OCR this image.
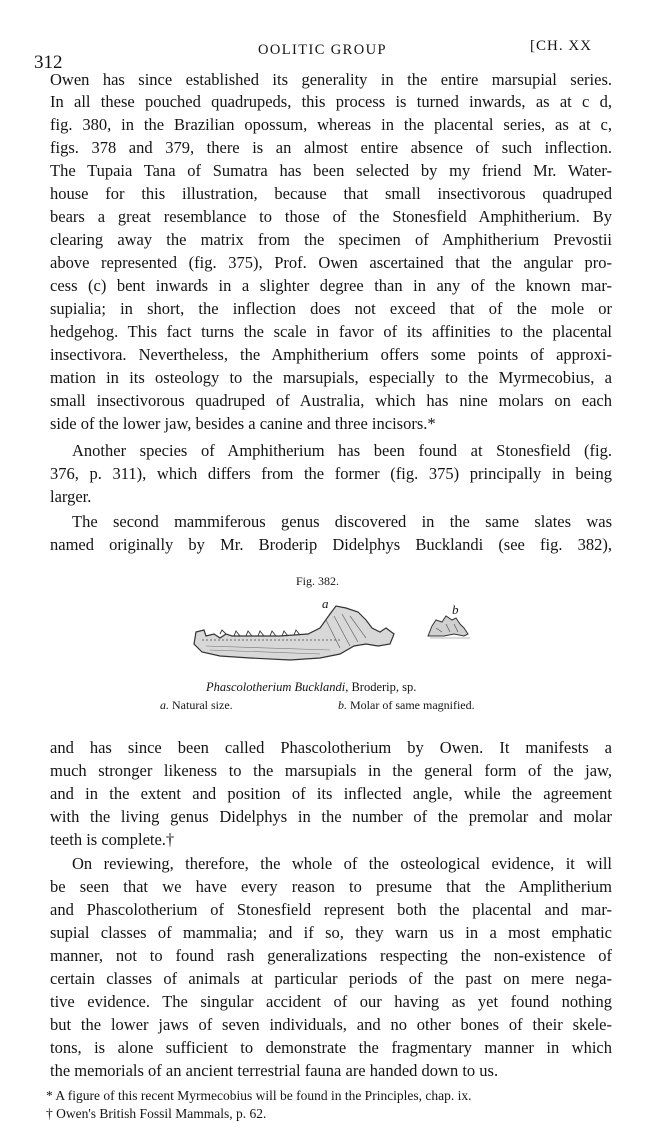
312
OOLITIC GROUP	[CH. XX
Owen has since established its generality in the entire marsupial series.
In all these pouched quadrupeds, this process is turned inwards, as at c d,
fig. 380, in the Brazilian opossum, whereas in the placental series, as at c,
figs. 378 and 379, there is an almost entire absence of such inflection.
The Tupaia Tana of Sumatra has been selected by my friend Mr. Water-
house for this illustration, because that small insectivorous quadruped
bears a great resemblance to those of the Stonesfield Amphitherium. By
clearing away the matrix from the specimen of Amphitherium Prevostii
above represented (fig. 375), Prof. Owen ascertained that the angular pro-
cess (c) bent inwards in a slighter degree than in any of the known mar-
supialia; in short, the inflection does not exceed that of the mole or
hedgehog. This fact turns the scale in favor of its affinities to the placental
insectivora. Nevertheless, the Amphitherium offers some points of approxi-
mation in its osteology to the marsupials, especially to the Myrmecobius, a
small insectivorous quadruped of Australia, which has nine molars on each
side of the lower jaw, besides a canine and three incisors.*
Another species of Amphitherium has been found at Stonesfield (fig.
376, p. 311), which differs from the former (fig. 375) principally in being
larger.
The second mammiferous genus discovered in the same slates was
named originally by Mr. Broderip Didelphys Bucklandi (see fig. 382),
Fig. 382.
a	b
Phascolotherium Bucklandi, Broderip, sp.
a. Natural size.	b. Molar of same magnified.
and has since been called Phascolotherium by Owen. It manifests a
much stronger likeness to the marsupials in the general form of the jaw,
and in the extent and position of its inflected angle, while the agreement
with the living genus Didelphys in the number of the premolar and molar
teeth is complete.†
On reviewing, therefore, the whole of the osteological evidence, it will
be seen that we have every reason to presume that the Amplitherium
and Phascolotherium of Stonesfield represent both the placental and mar-
supial classes of mammalia; and if so, they warn us in a most emphatic
manner, not to found rash generalizations respecting the non-existence of
certain classes of animals at particular periods of the past on mere nega-
tive evidence. The singular accident of our having as yet found nothing
but the lower jaws of seven individuals, and no other bones of their skele-
tons, is alone sufficient to demonstrate the fragmentary manner in which
the memorials of an ancient terrestrial fauna are handed down to us.
* A figure of this recent Myrmecobius will be found in the Principles, chap. ix.
† Owen's British Fossil Mammals, p. 62.
